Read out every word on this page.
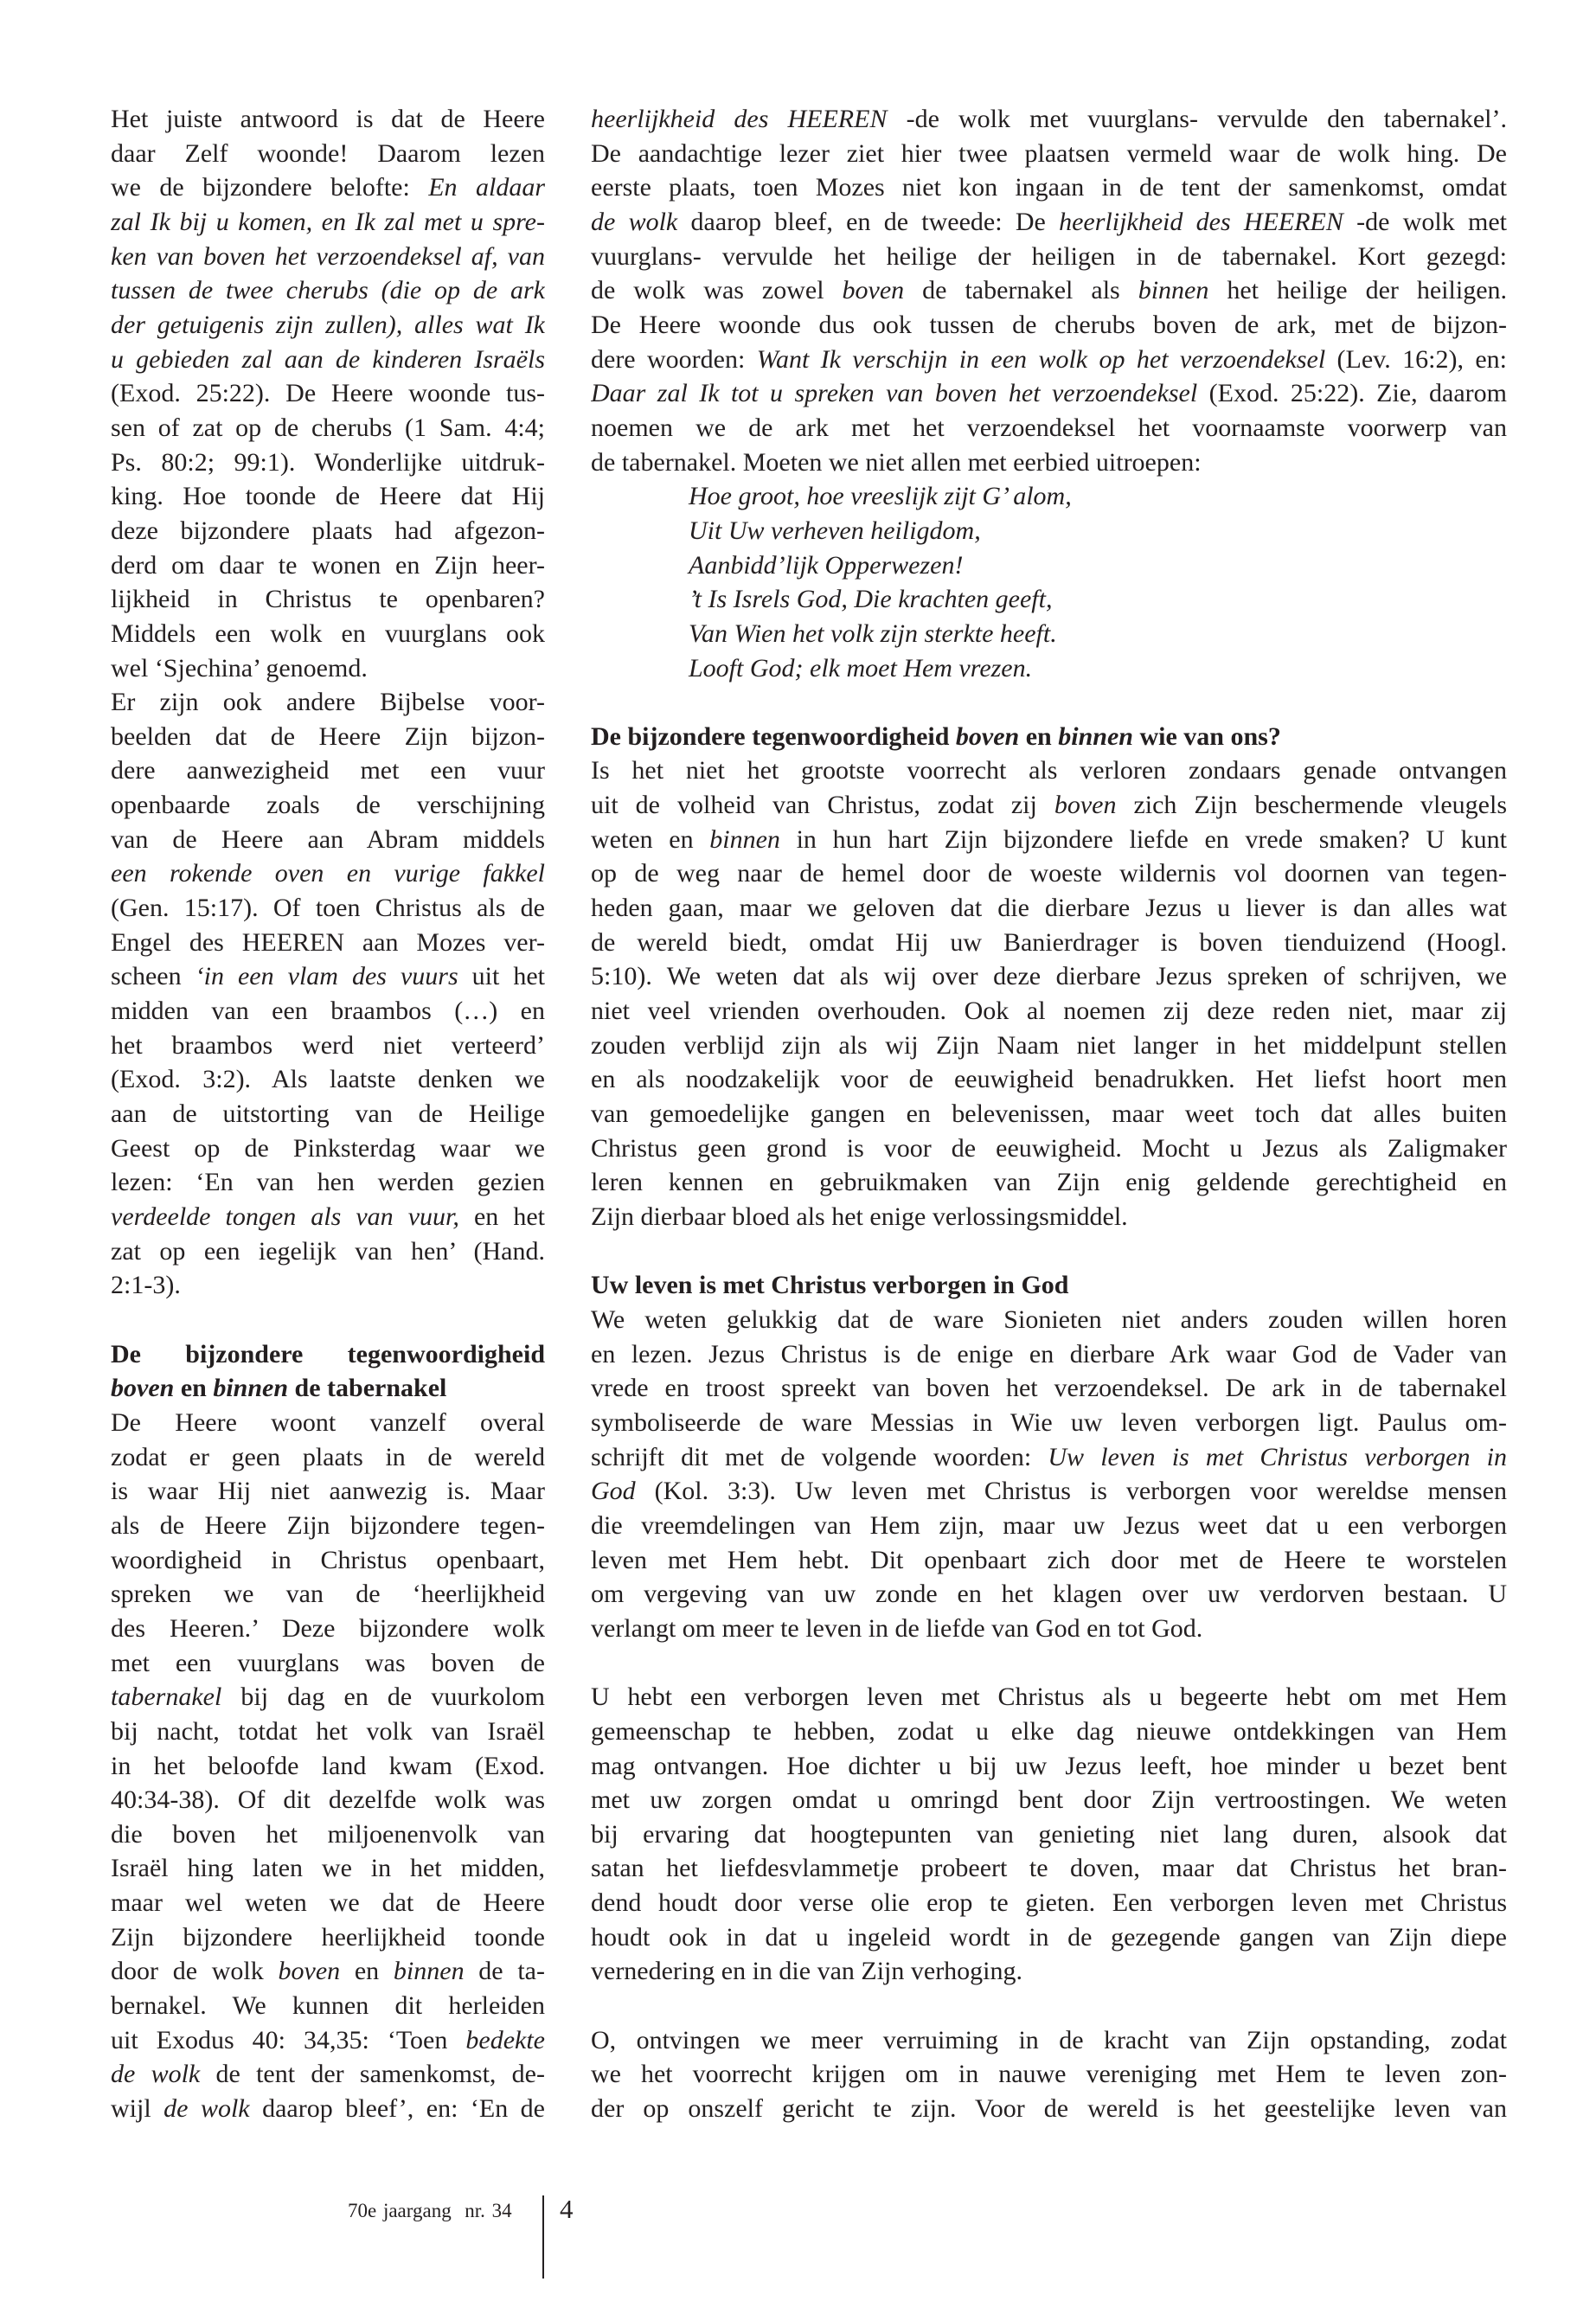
Het juiste antwoord is dat de Heere
daar Zelf woonde! Daarom lezen
we de bijzondere belofte: En aldaar
zal Ik bij u komen, en Ik zal met u spre-
ken van boven het verzoendeksel af, van
tussen de twee cherubs (die op de ark
der getuigenis zijn zullen), alles wat Ik
u gebieden zal aan de kinderen Israëls
(Exod. 25:22). De Heere woonde tus-
sen of zat op de cherubs (1 Sam. 4:4;
Ps. 80:2; 99:1). Wonderlijke uitdruk-
king. Hoe toonde de Heere dat Hij
deze bijzondere plaats had afgezon-
derd om daar te wonen en Zijn heer-
lijkheid in Christus te openbaren?
Middels een wolk en vuurglans ook
wel ‘Sjechina’ genoemd.
Er zijn ook andere Bijbelse voor-
beelden dat de Heere Zijn bijzon-
dere aanwezigheid met een vuur
openbaarde zoals de verschijning
van de Heere aan Abram middels
een rokende oven en vurige fakkel
(Gen. 15:17). Of toen Christus als de
Engel des HEEREN aan Mozes ver-
scheen ‘in een vlam des vuurs uit het
midden van een braambos (…) en
het braambos werd niet verteerd’
(Exod. 3:2). Als laatste denken we
aan de uitstorting van de Heilige
Geest op de Pinksterdag waar we
lezen: ‘En van hen werden gezien
verdeelde tongen als van vuur, en het
zat op een iegelijk van hen’ (Hand.
2:1-3).
De bijzondere tegenwoordigheid
boven en binnen de tabernakel
De Heere woont vanzelf overal
zodat er geen plaats in de wereld
is waar Hij niet aanwezig is. Maar
als de Heere Zijn bijzondere tegen-
woordigheid in Christus openbaart,
spreken we van de ‘heerlijkheid
des Heeren.’ Deze bijzondere wolk
met een vuurglans was boven de
tabernakel bij dag en de vuurkolom
bij nacht, totdat het volk van Israël
in het beloofde land kwam (Exod.
40:34-38). Of dit dezelfde wolk was
die boven het miljoenenvolk van
Israël hing laten we in het midden,
maar wel weten we dat de Heere
Zijn bijzondere heerlijkheid toonde
door de wolk boven en binnen de ta-
bernakel. We kunnen dit herleiden
uit Exodus 40: 34,35: ‘Toen bedekte
de wolk de tent der samenkomst, de-
wijl de wolk daarop bleef’, en: ‘En de
heerlijkheid des HEEREN -de wolk met vuurglans- vervulde den tabernakel’.
De aandachtige lezer ziet hier twee plaatsen vermeld waar de wolk hing. De
eerste plaats, toen Mozes niet kon ingaan in de tent der samenkomst, omdat
de wolk daarop bleef, en de tweede: De heerlijkheid des HEEREN -de wolk met
vuurglans- vervulde het heilige der heiligen in de tabernakel. Kort gezegd:
de wolk was zowel boven de tabernakel als binnen het heilige der heiligen.
De Heere woonde dus ook tussen de cherubs boven de ark, met de bijzon-
dere woorden: Want Ik verschijn in een wolk op het verzoendeksel (Lev. 16:2), en:
Daar zal Ik tot u spreken van boven het verzoendeksel (Exod. 25:22). Zie, daarom
noemen we de ark met het verzoendeksel het voornaamste voorwerp van
de tabernakel. Moeten we niet allen met eerbied uitroepen:
Hoe groot, hoe vreeslijk zijt G’ alom,
Uit Uw verheven heiligdom,
Aanbidd’lijk Opperwezen!
’t Is Isrels God, Die krachten geeft,
Van Wien het volk zijn sterkte heeft.
Looft God; elk moet Hem vrezen.
De bijzondere tegenwoordigheid boven en binnen wie van ons?
Is het niet het grootste voorrecht als verloren zondaars genade ontvangen
uit de volheid van Christus, zodat zij boven zich Zijn beschermende vleugels
weten en binnen in hun hart Zijn bijzondere liefde en vrede smaken? U kunt
op de weg naar de hemel door de woeste wildernis vol doornen van tegen-
heden gaan, maar we geloven dat die dierbare Jezus u liever is dan alles wat
de wereld biedt, omdat Hij uw Banierdrager is boven tienduizend (Hoogl.
5:10). We weten dat als wij over deze dierbare Jezus spreken of schrijven, we
niet veel vrienden overhouden. Ook al noemen zij deze reden niet, maar zij
zouden verblijd zijn als wij Zijn Naam niet langer in het middelpunt stellen
en als noodzakelijk voor de eeuwigheid benadrukken. Het liefst hoort men
van gemoedelijke gangen en belevenissen, maar weet toch dat alles buiten
Christus geen grond is voor de eeuwigheid. Mocht u Jezus als Zaligmaker
leren kennen en gebruikmaken van Zijn enig geldende gerechtigheid en
Zijn dierbaar bloed als het enige verlossingsmiddel.
Uw leven is met Christus verborgen in God
We weten gelukkig dat de ware Sionieten niet anders zouden willen horen
en lezen. Jezus Christus is de enige en dierbare Ark waar God de Vader van
vrede en troost spreekt van boven het verzoendeksel. De ark in de tabernakel
symboliseerde de ware Messias in Wie uw leven verborgen ligt. Paulus om-
schrijft dit met de volgende woorden: Uw leven is met Christus verborgen in
God (Kol. 3:3). Uw leven met Christus is verborgen voor wereldse mensen
die vreemdelingen van Hem zijn, maar uw Jezus weet dat u een verborgen
leven met Hem hebt. Dit openbaart zich door met de Heere te worstelen
om vergeving van uw zonde en het klagen over uw verdorven bestaan. U
verlangt om meer te leven in de liefde van God en tot God.
U hebt een verborgen leven met Christus als u begeerte hebt om met Hem
gemeenschap te hebben, zodat u elke dag nieuwe ontdekkingen van Hem
mag ontvangen. Hoe dichter u bij uw Jezus leeft, hoe minder u bezet bent
met uw zorgen omdat u omringd bent door Zijn vertroostingen. We weten
bij ervaring dat hoogtepunten van genieting niet lang duren, alsook dat
satan het liefdesvlammetje probeert te doven, maar dat Christus het bran-
dend houdt door verse olie erop te gieten. Een verborgen leven met Christus
houdt ook in dat u ingeleid wordt in de gezegende gangen van Zijn diepe
vernedering en in die van Zijn verhoging.
O, ontvingen we meer verruiming in de kracht van Zijn opstanding, zodat
we het voorrecht krijgen om in nauwe vereniging met Hem te leven zon-
der op onszelf gericht te zijn. Voor de wereld is het geestelijke leven van
70e jaargang  nr. 34 4
